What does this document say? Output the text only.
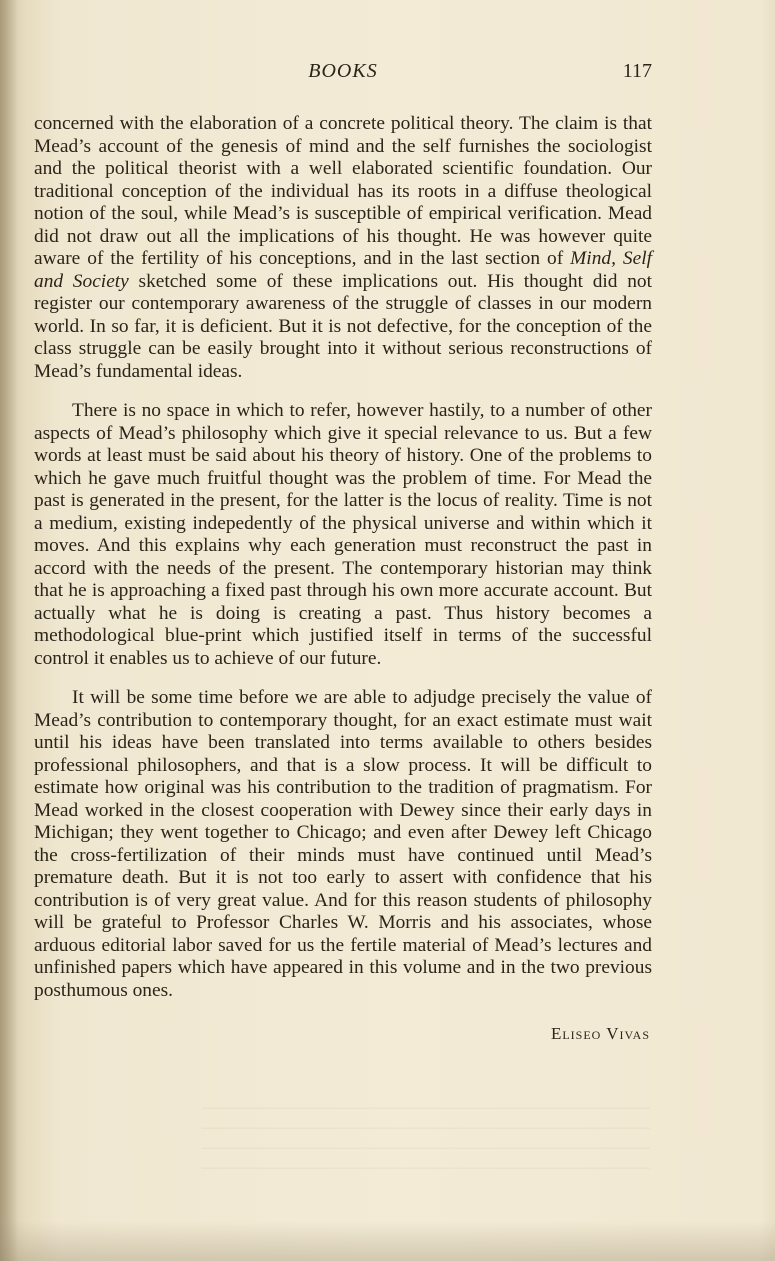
BOOKS	117

concerned with the elaboration of a concrete political theory. The claim is that Mead’s account of the genesis of mind and the self furnishes the sociologist and the political theorist with a well elaborated scientific foundation. Our traditional conception of the individual has its roots in a diffuse theological notion of the soul, while Mead’s is susceptible of empirical verification. Mead did not draw out all the implications of his thought. He was however quite aware of the fertility of his conceptions, and in the last section of Mind, Self and Society sketched some of these implications out. His thought did not register our contemporary awareness of the struggle of classes in our modern world. In so far, it is deficient. But it is not defective, for the conception of the class struggle can be easily brought into it without serious reconstructions of Mead’s fundamental ideas.

There is no space in which to refer, however hastily, to a number of other aspects of Mead’s philosophy which give it special relevance to us. But a few words at least must be said about his theory of history. One of the problems to which he gave much fruitful thought was the problem of time. For Mead the past is generated in the present, for the latter is the locus of reality. Time is not a medium, existing indepedently of the physical universe and within which it moves. And this explains why each generation must reconstruct the past in accord with the needs of the present. The contemporary historian may think that he is approaching a fixed past through his own more accurate account. But actually what he is doing is creating a past. Thus history becomes a methodological blue-print which justified itself in terms of the successful control it enables us to achieve of our future.

It will be some time before we are able to adjudge precisely the value of Mead’s contribution to contemporary thought, for an exact estimate must wait until his ideas have been translated into terms available to others besides professional philosophers, and that is a slow process. It will be difficult to estimate how original was his contribution to the tradition of pragmatism. For Mead worked in the closest cooperation with Dewey since their early days in Michigan; they went together to Chicago; and even after Dewey left Chicago the cross-fertilization of their minds must have continued until Mead’s premature death. But it is not too early to assert with confidence that his contribution is of very great value. And for this reason students of philosophy will be grateful to Professor Charles W. Morris and his associates, whose arduous editorial labor saved for us the fertile material of Mead’s lectures and unfinished papers which have appeared in this volume and in the two previous posthumous ones.

Eliseo Vivas
————————————————————————————
————————————————————————————
————————————————————————————
————————————————————————————
